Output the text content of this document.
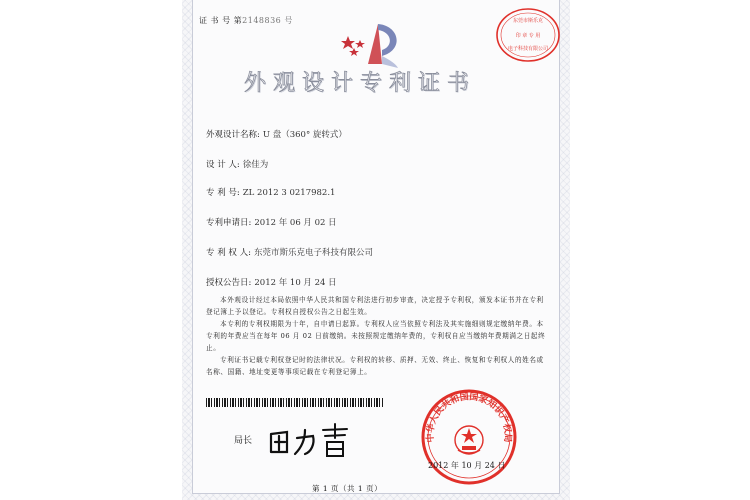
证 书 号 第2148836 号	东莞市斯乐克
印 章 专 用
电子科技有限公司
外观设计专利证书
外观设计名称: U 盘（360° 旋转式）
设 计 人: 徐佳为
专 利 号: ZL 2012 3 0217982.1
专利申请日: 2012 年 06 月 02 日
专 利 权 人: 东莞市斯乐克电子科技有限公司
授权公告日: 2012 年 10 月 24 日

本外观设计经过本局依照中华人民共和国专利法进行初步审查，决定授予专利权，颁发本证书并在专利登记簿上予以登记。专利权自授权公告之日起生效。

本专利的专利权期限为十年，自申请日起算。专利权人应当依照专利法及其实施细则规定缴纳年费。本专利的年费应当在每年 06 月 02 日前缴纳。未按照规定缴纳年费的，专利权自应当缴纳年费期满之日起终止。

专利证书记载专利权登记时的法律状况。专利权的转移、质押、无效、终止、恢复和专利权人的姓名或名称、国籍、地址变更等事项记载在专利登记簿上。

局长	中华人民共和国国家知识产权局
2012 年 10 月 24 日
第 1 页（共 1 页）
